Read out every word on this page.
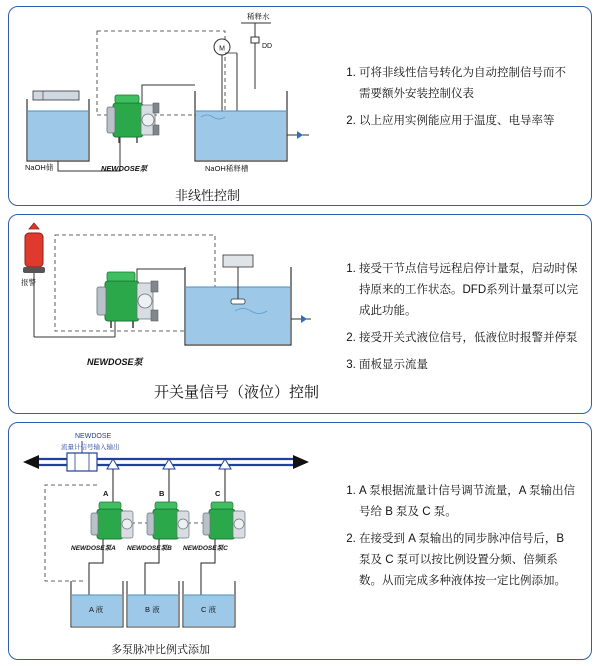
M
稀释水
DD
NaOH储	NEWDOSE泵	NaOH稀释槽
非线性控制
1. 可将非线性信号转化为自动控制信号而不需要额外安装控制仪表
2. 以上应用实例能应用于温度、电导率等
报警
NEWDOSE泵
开关量信号（液位）控制
1. 接受干节点信号远程启停计量泵，启动时保持原来的工作状态。DFD系列计量泵可以完成此功能。
2. 接受开关式液位信号，低液位时报警并停泵
3. 面板显示流量
NEWDOSE
流量计信号输入输出
A	B	C
NEWDOSE泵A NEWDOSE泵B NEWDOSE泵C
A 液	B 液	C 液
多泵脉冲比例式添加
1. A 泵根据流量计信号调节流量，A 泵输出信号给 B 泵及 C 泵。
2. 在接受到 A 泵输出的同步脉冲信号后，B 泵及 C 泵可以按比例设置分频、倍频系数。从而完成多种液体按一定比例添加。
